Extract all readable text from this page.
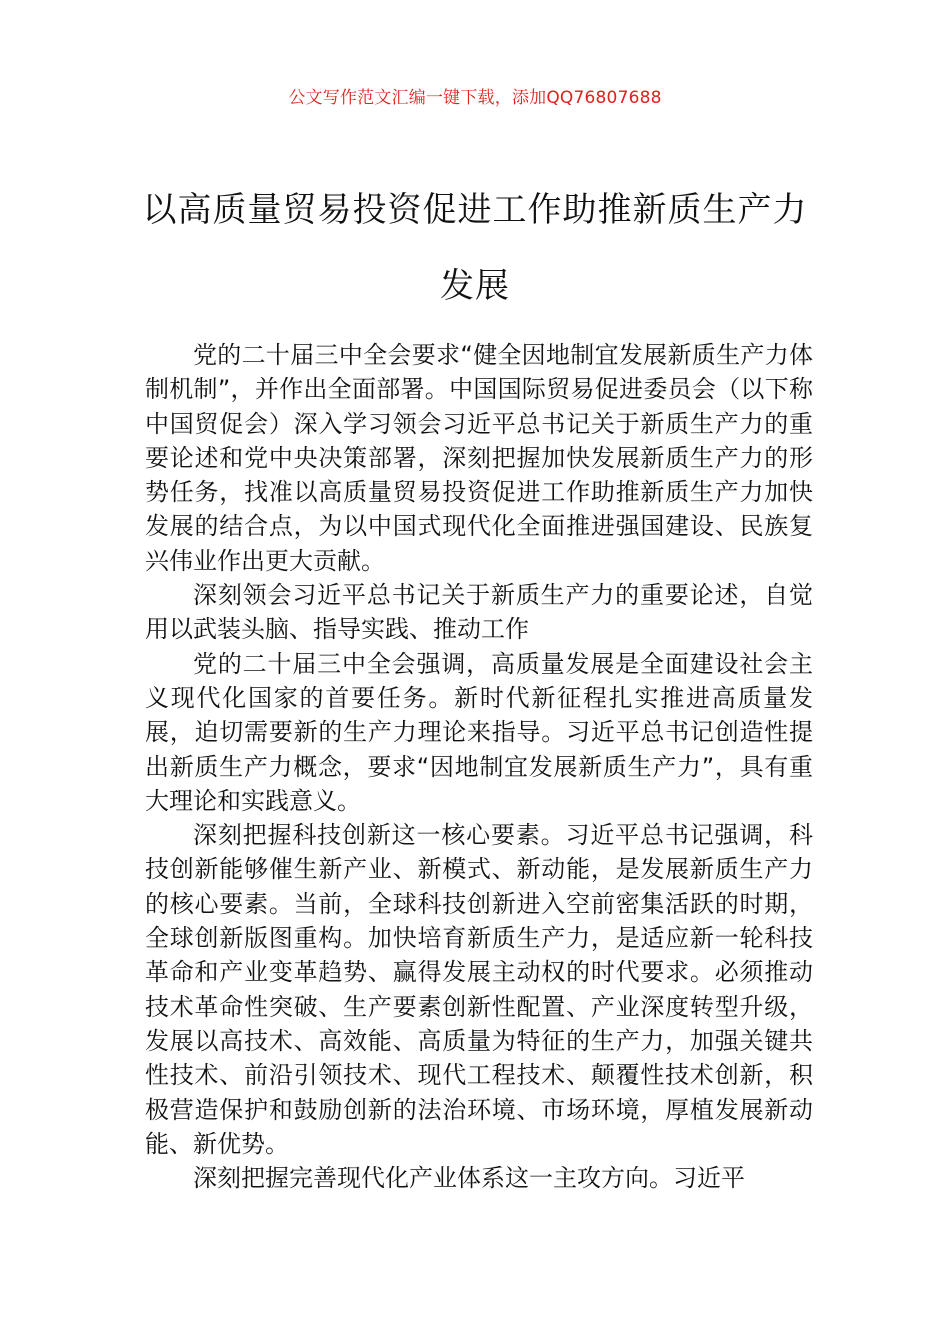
公文写作范文汇编一键下载，添加QQ76807688
以高质量贸易投资促进工作助推新质生产力发展

党的二十届三中全会要求“健全因地制宜发展新质生产力体制机制”，并作出全面部署。中国国际贸易促进委员会（以下称中国贸促会）深入学习领会习近平总书记关于新质生产力的重要论述和党中央决策部署，深刻把握加快发展新质生产力的形势任务，找准以高质量贸易投资促进工作助推新质生产力加快发展的结合点，为以中国式现代化全面推进强国建设、民族复兴伟业作出更大贡献。

深刻领会习近平总书记关于新质生产力的重要论述，自觉用以武装头脑、指导实践、推动工作

党的二十届三中全会强调，高质量发展是全面建设社会主义现代化国家的首要任务。新时代新征程扎实推进高质量发展，迫切需要新的生产力理论来指导。习近平总书记创造性提出新质生产力概念，要求“因地制宜发展新质生产力”，具有重大理论和实践意义。

深刻把握科技创新这一核心要素。习近平总书记强调，科技创新能够催生新产业、新模式、新动能，是发展新质生产力的核心要素。当前，全球科技创新进入空前密集活跃的时期，全球创新版图重构。加快培育新质生产力，是适应新一轮科技革命和产业变革趋势、赢得发展主动权的时代要求。必须推动技术革命性突破、生产要素创新性配置、产业深度转型升级，发展以高技术、高效能、高质量为特征的生产力，加强关键共性技术、前沿引领技术、现代工程技术、颠覆性技术创新，积极营造保护和鼓励创新的法治环境、市场环境，厚植发展新动能、新优势。

深刻把握完善现代化产业体系这一主攻方向。习近平
